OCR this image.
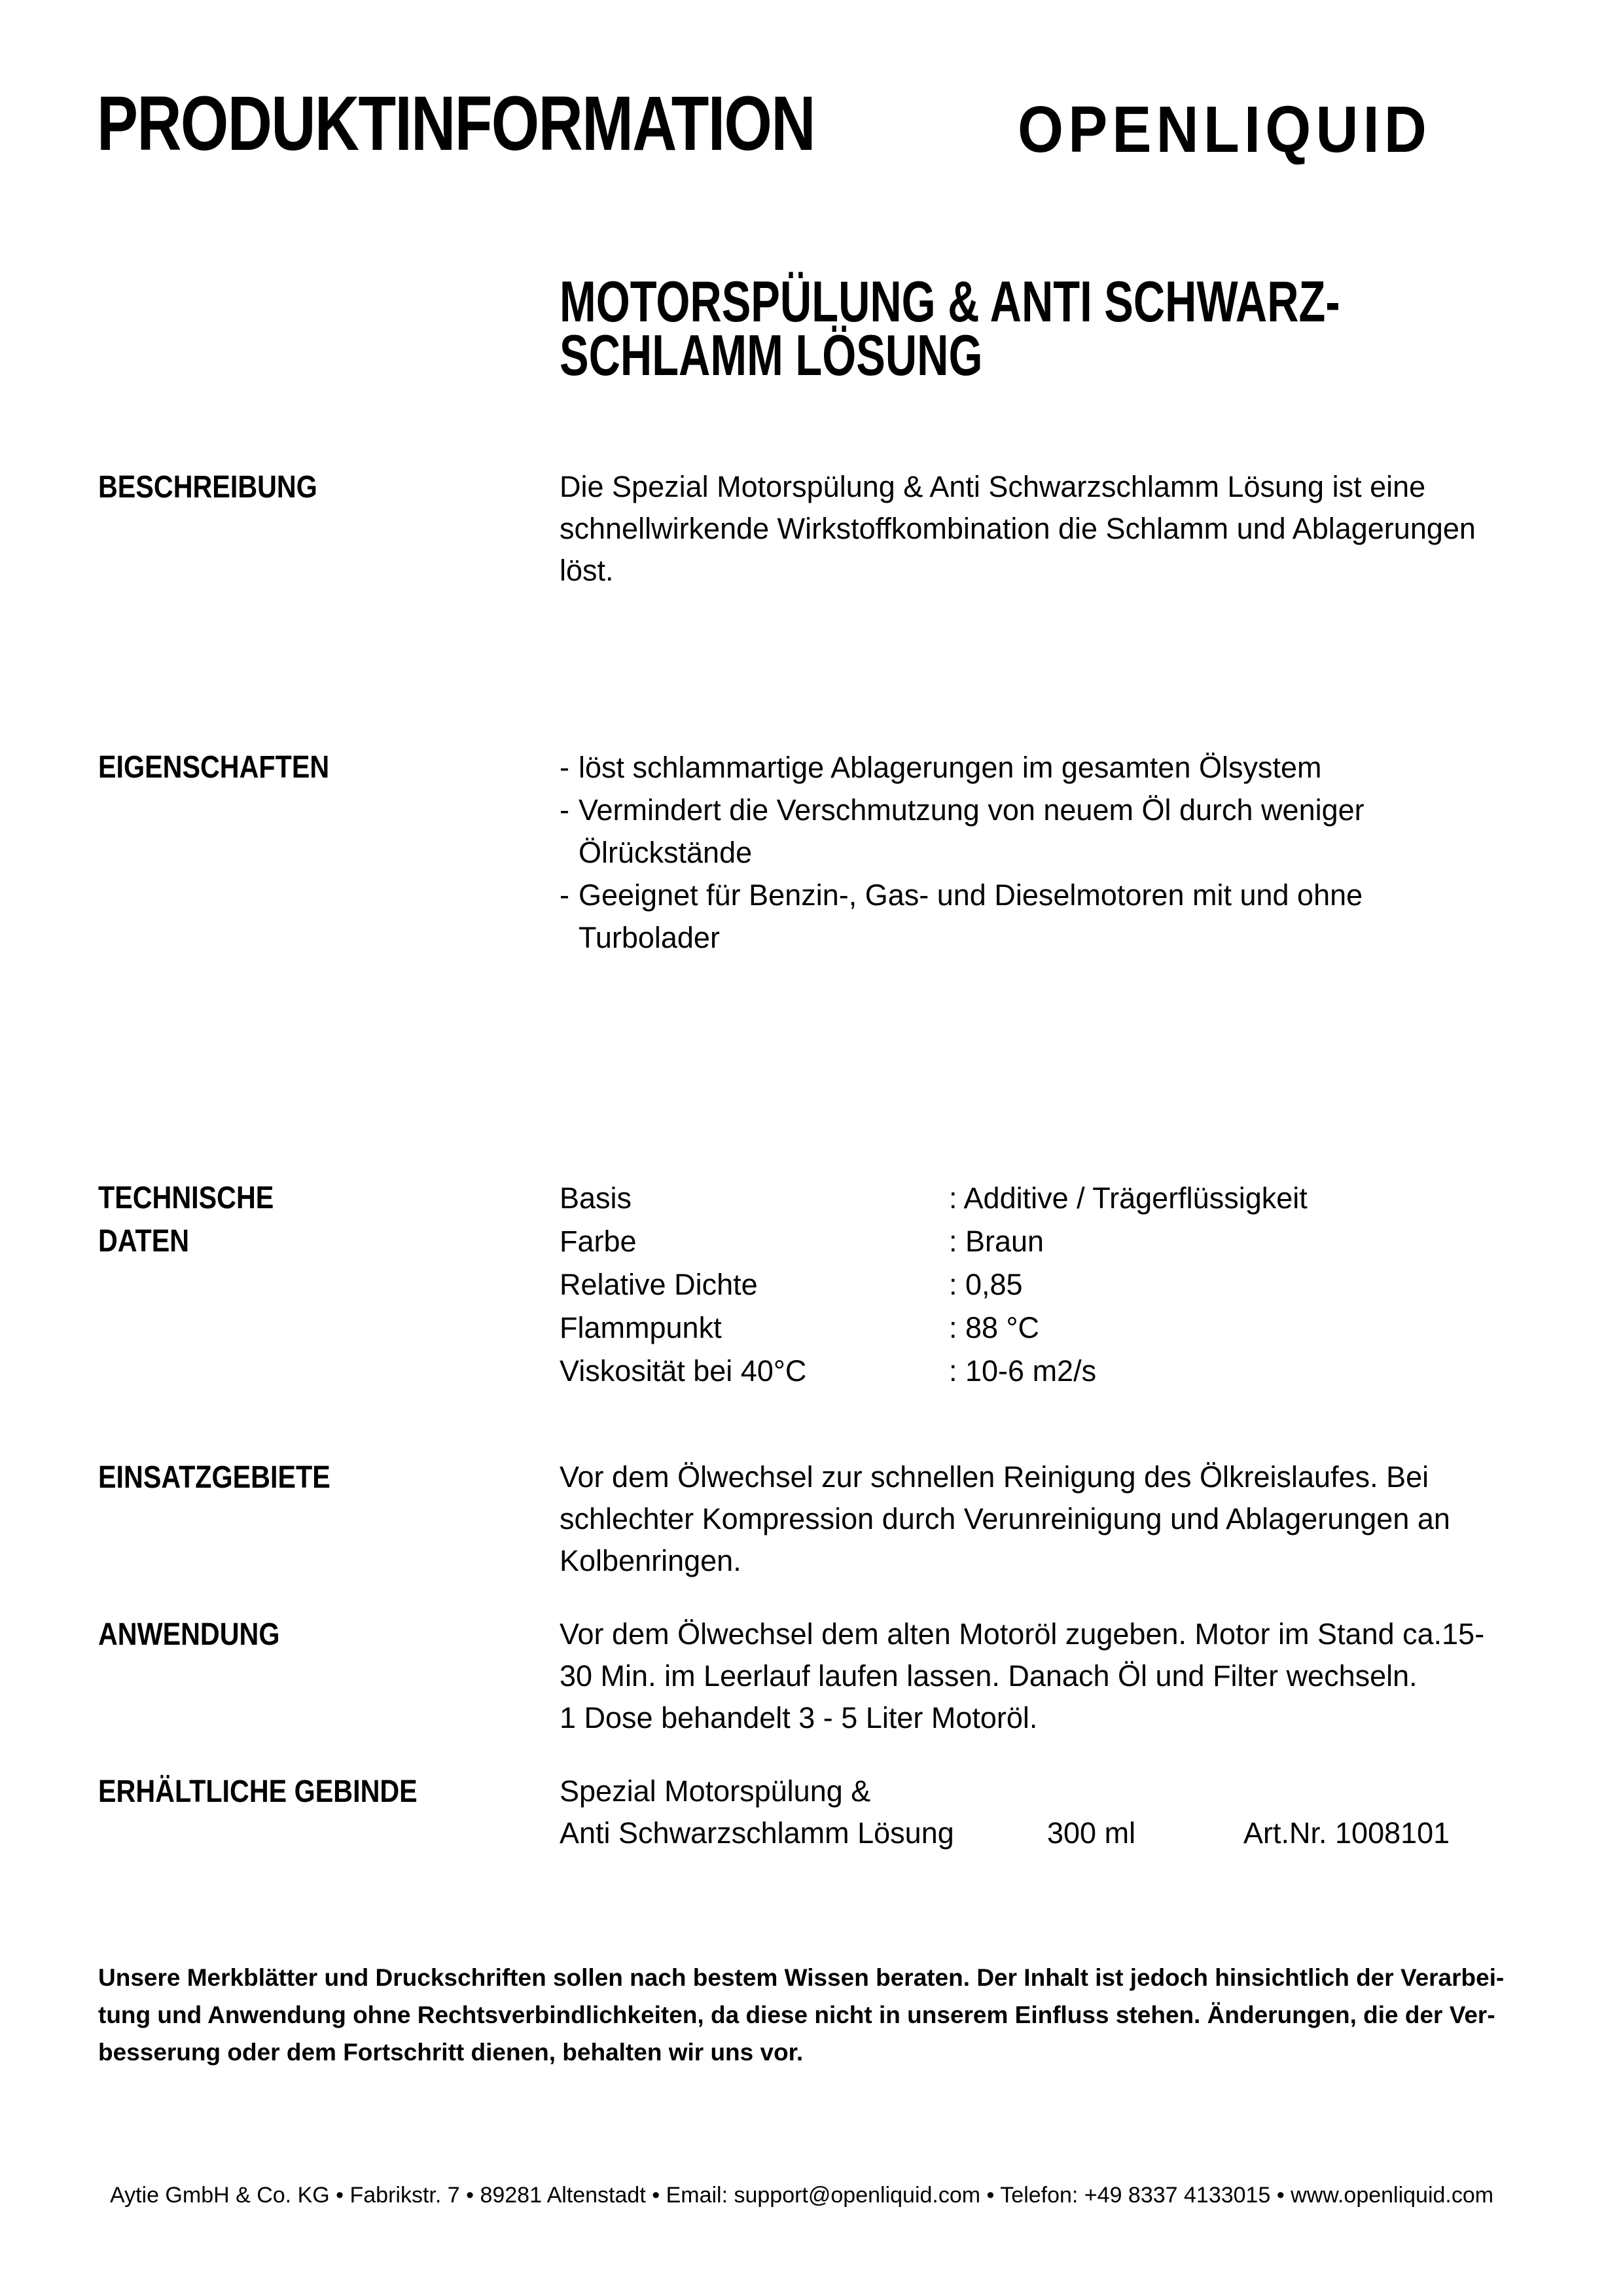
PRODUKTINFORMATION	OPENLIQUID
MOTORSPÜLUNG & ANTI SCHWARZ-
SCHLAMM LÖSUNG
BESCHREIBUNG	Die Spezial Motorspülung & Anti Schwarzschlamm Lösung ist eine
schnellwirkende Wirkstoffkombination die Schlamm und Ablagerungen
löst.
EIGENSCHAFTEN	- löst schlammartige Ablagerungen im gesamten Ölsystem
- Vermindert die Verschmutzung von neuem Öl durch weniger
Ölrückstände
- Geeignet für Benzin-, Gas- und Dieselmotoren mit und ohne
Turbolader
TECHNISCHE
DATEN
Basis	: Additive / Trägerflüssigkeit
Farbe	: Braun
Relative Dichte	: 0,85
Flammpunkt	: 88 °C
Viskosität bei 40°C	: 10-6 m2/s
EINSATZGEBIETE	Vor dem Ölwechsel zur schnellen Reinigung des Ölkreislaufes. Bei
schlechter Kompression durch Verunreinigung und Ablagerungen an
Kolbenringen.
ANWENDUNG	Vor dem Ölwechsel dem alten Motoröl zugeben. Motor im Stand ca.15-
30 Min. im Leerlauf laufen lassen. Danach Öl und Filter wechseln.
1 Dose behandelt 3 - 5 Liter Motoröl.
ERHÄLTLICHE GEBINDE	Spezial Motorspülung &
Anti Schwarzschlamm Lösung	300 ml	Art.Nr. 1008101
Unsere Merkblätter und Druckschriften sollen nach bestem Wissen beraten. Der Inhalt ist jedoch hinsichtlich der Verarbei-
tung und Anwendung ohne Rechtsverbindlichkeiten, da diese nicht in unserem Einfluss stehen. Änderungen, die der Ver-
besserung oder dem Fortschritt dienen, behalten wir uns vor.
Aytie GmbH & Co. KG • Fabrikstr. 7 • 89281 Altenstadt • Email: support@openliquid.com • Telefon: +49 8337 4133015 • www.openliquid.com
